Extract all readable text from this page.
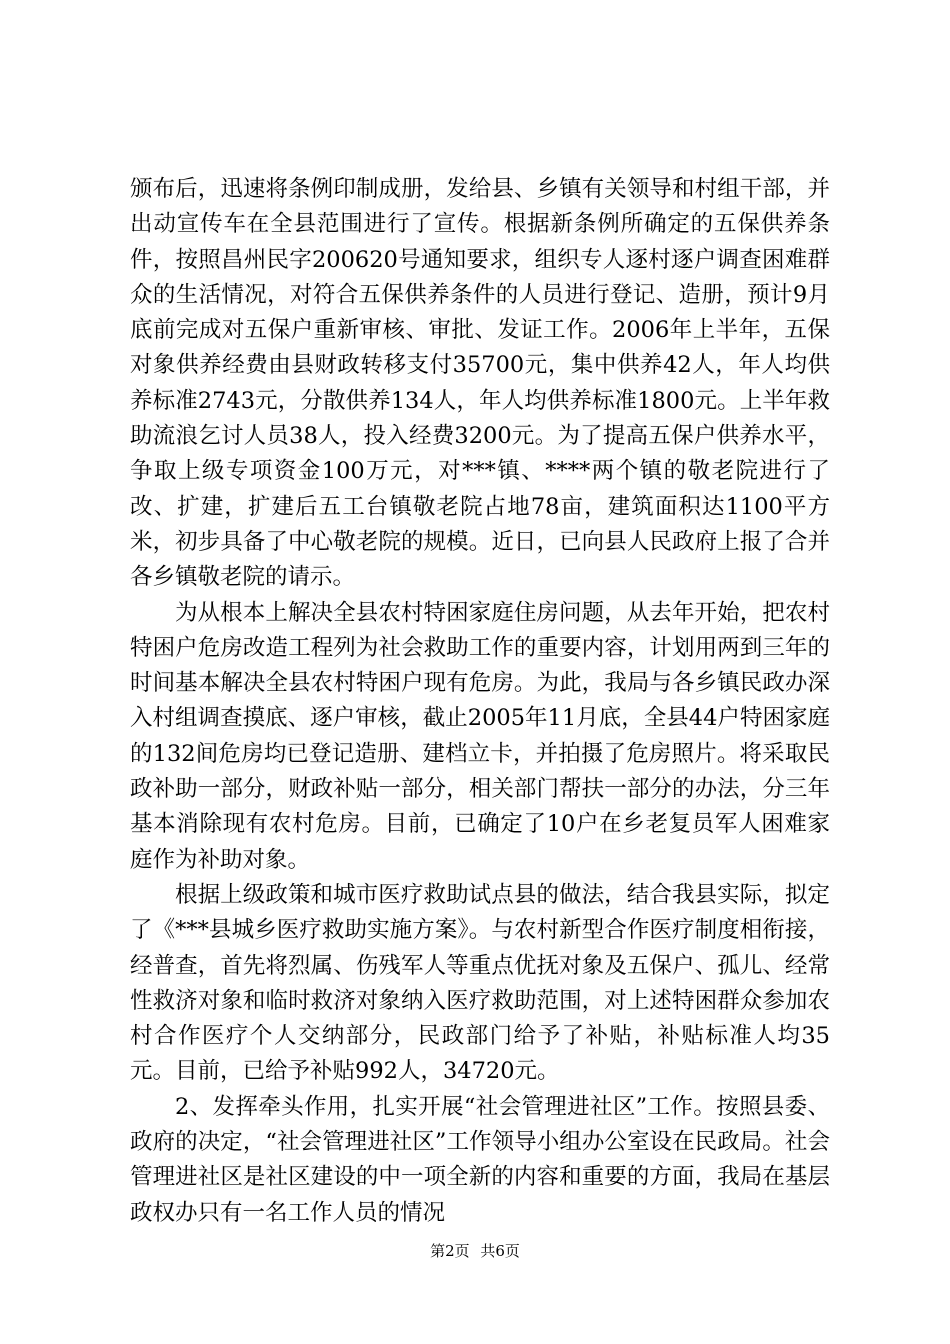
颁布后，迅速将条例印制成册，发给县、乡镇有关领导和村组干部，并出动宣传车在全县范围进行了宣传。根据新条例所确定的五保供养条件，按照昌州民字200620号通知要求，组织专人逐村逐户调查困难群众的生活情况，对符合五保供养条件的人员进行登记、造册，预计9月底前完成对五保户重新审核、审批、发证工作。2006年上半年，五保对象供养经费由县财政转移支付35700元，集中供养42人，年人均供养标准2743元，分散供养134人，年人均供养标准1800元。上半年救助流浪乞讨人员38人，投入经费3200元。为了提高五保户供养水平，争取上级专项资金100万元，对***镇、****两个镇的敬老院进行了改、扩建，扩建后五工台镇敬老院占地78亩，建筑面积达1100平方米，初步具备了中心敬老院的规模。近日，已向县人民政府上报了合并各乡镇敬老院的请示。

为从根本上解决全县农村特困家庭住房问题，从去年开始，把农村特困户危房改造工程列为社会救助工作的重要内容，计划用两到三年的时间基本解决全县农村特困户现有危房。为此，我局与各乡镇民政办深入村组调查摸底、逐户审核，截止2005年11月底，全县44户特困家庭的132间危房均已登记造册、建档立卡，并拍摄了危房照片。将采取民政补助一部分，财政补贴一部分，相关部门帮扶一部分的办法，分三年基本消除现有农村危房。目前，已确定了10户在乡老复员军人困难家庭作为补助对象。

根据上级政策和城市医疗救助试点县的做法，结合我县实际，拟定了《***县城乡医疗救助实施方案》。与农村新型合作医疗制度相衔接，经普查，首先将烈属、伤残军人等重点优抚对象及五保户、孤儿、经常性救济对象和临时救济对象纳入医疗救助范围，对上述特困群众参加农村合作医疗个人交纳部分，民政部门给予了补贴，补贴标准人均35元。目前，已给予补贴992人，34720元。

2、发挥牵头作用，扎实开展“社会管理进社区”工作。按照县委、政府的决定，“社会管理进社区”工作领导小组办公室设在民政局。社会管理进社区是社区建设的中一项全新的内容和重要的方面，我局在基层政权办只有一名工作人员的情况

第2页 共6页
